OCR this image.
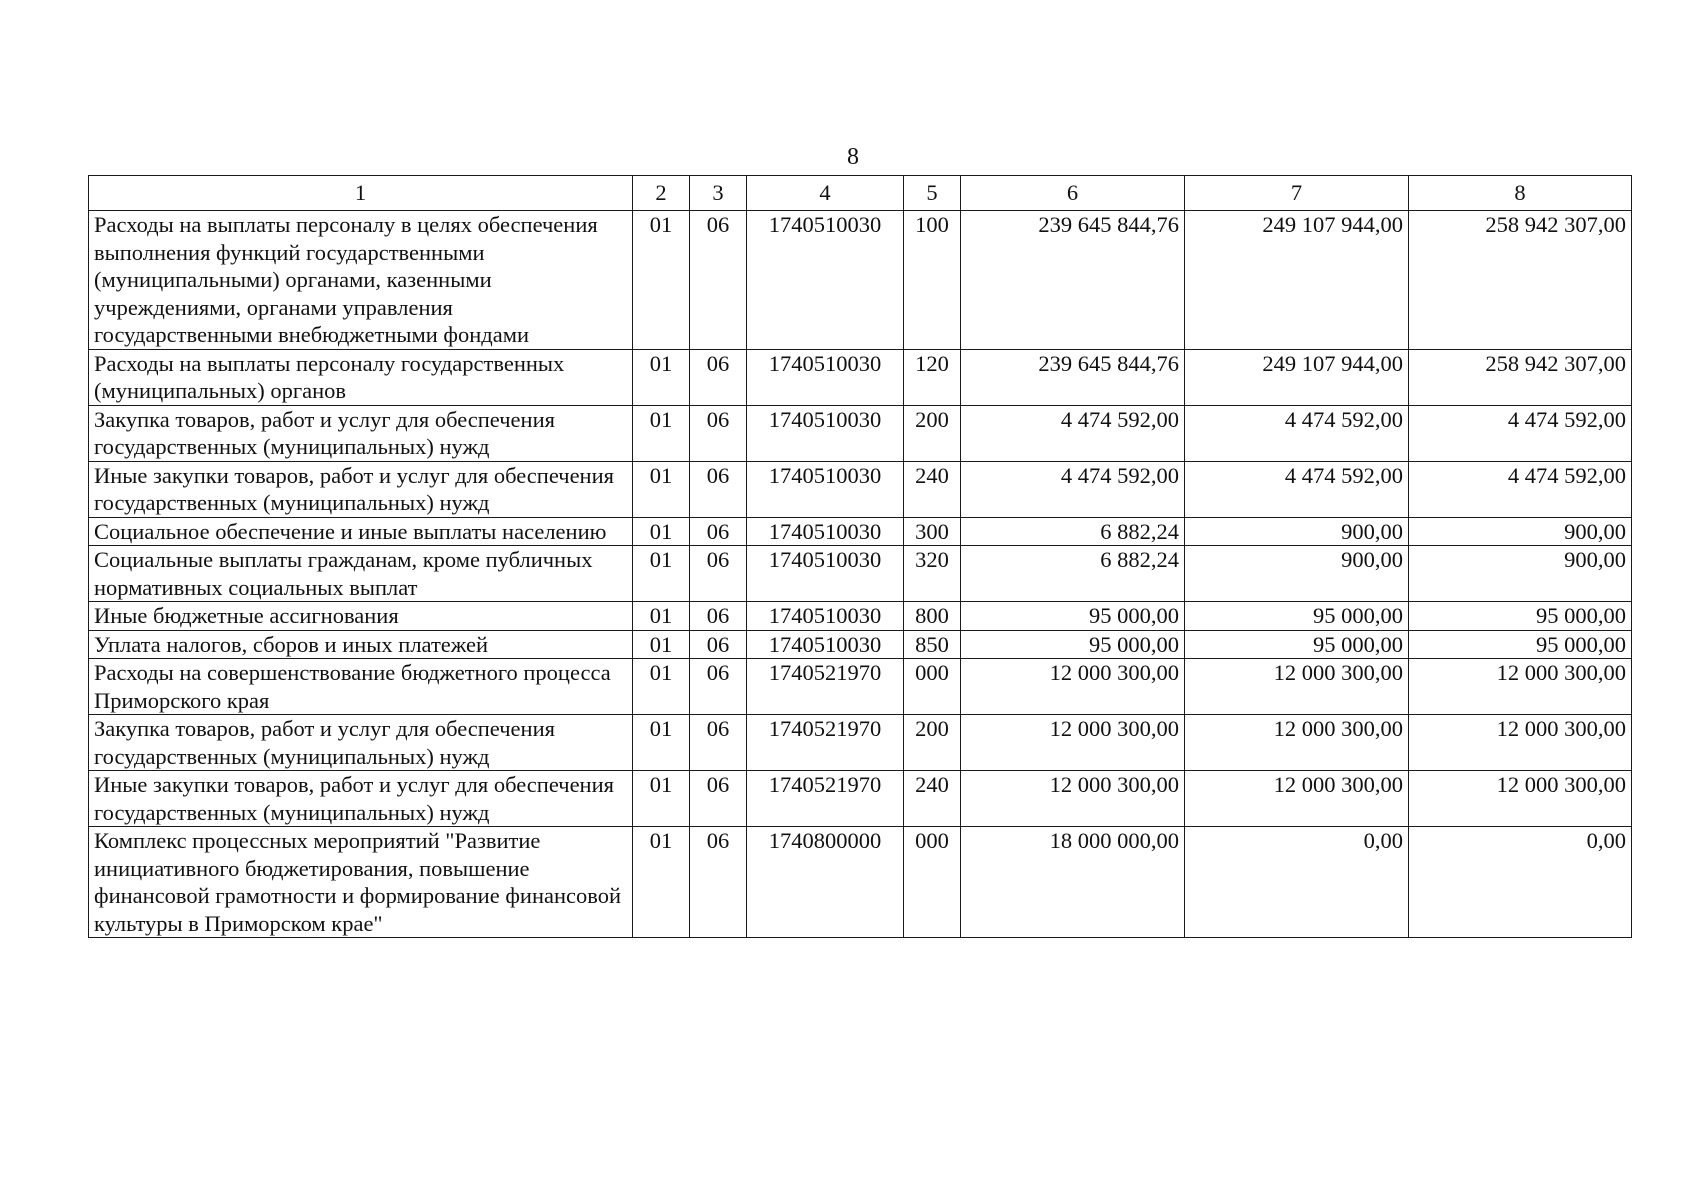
8
1	2	3	4	5	6	7	8
Расходы на выплаты персоналу в целях обеспечения выполнения функций государственными (муниципальными) органами, казенными учреждениями, органами управления государственными внебюджетными фондами	01	06	1740510030	100	239 645 844,76	249 107 944,00	258 942 307,00
Расходы на выплаты персоналу государственных (муниципальных) органов	01	06	1740510030	120	239 645 844,76	249 107 944,00	258 942 307,00
Закупка товаров, работ и услуг для обеспечения государственных (муниципальных) нужд	01	06	1740510030	200	4 474 592,00	4 474 592,00	4 474 592,00
Иные закупки товаров, работ и услуг для обеспечения государственных (муниципальных) нужд	01	06	1740510030	240	4 474 592,00	4 474 592,00	4 474 592,00
Социальное обеспечение и иные выплаты населению	01	06	1740510030	300	6 882,24	900,00	900,00
Социальные выплаты гражданам, кроме публичных нормативных социальных выплат	01	06	1740510030	320	6 882,24	900,00	900,00
Иные бюджетные ассигнования	01	06	1740510030	800	95 000,00	95 000,00	95 000,00
Уплата налогов, сборов и иных платежей	01	06	1740510030	850	95 000,00	95 000,00	95 000,00
Расходы на совершенствование бюджетного процесса Приморского края	01	06	1740521970	000	12 000 300,00	12 000 300,00	12 000 300,00
Закупка товаров, работ и услуг для обеспечения государственных (муниципальных) нужд	01	06	1740521970	200	12 000 300,00	12 000 300,00	12 000 300,00
Иные закупки товаров, работ и услуг для обеспечения государственных (муниципальных) нужд	01	06	1740521970	240	12 000 300,00	12 000 300,00	12 000 300,00
Комплекс процессных мероприятий "Развитие инициативного бюджетирования, повышение финансовой грамотности и формирование финансовой культуры в Приморском крае"	01	06	1740800000	000	18 000 000,00	0,00	0,00
